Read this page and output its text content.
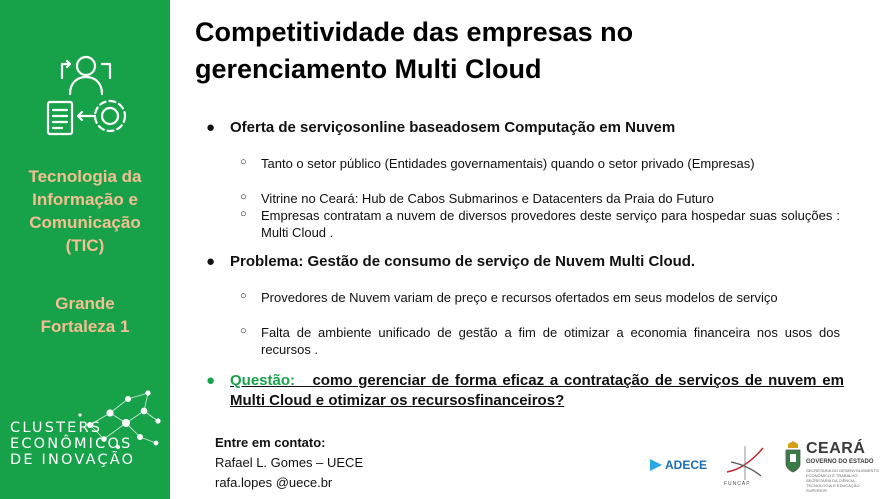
Tecnologia da
Informação e
Comunicação
(TIC)
Grande
Fortaleza 1
CLUSTERS
ECONÔMICOS
DE INOVAÇÃO
Competitividade das empresas no
gerenciamento Multi Cloud
● Oferta de serviçosonline baseadosem Computação em Nuvem
○ Tanto o setor público (Entidades governamentais) quando o setor privado (Empresas)
○ Vitrine no Ceará: Hub de Cabos Submarinos e Datacenters da Praia do Futuro
○ Empresas contratam a nuvem de diversos provedores deste serviço para hospedar suas soluções : Multi Cloud .
● Problema: Gestão de consumo de serviço de Nuvem Multi Cloud.
○ Provedores de Nuvem variam de preço e recursos ofertados em seus modelos de serviço
○ Falta de ambiente unificado de gestão a fim de otimizar a economia financeira nos usos dos recursos .
● Questão: como gerenciar de forma eficaz a contratação de serviços de nuvem em Multi Cloud e otimizar os recursosfinanceiros?
Entre em contato:
Rafael L. Gomes – UECE
rafa.lopes @uece.br
ADECE
FUNCAP
CEARÁ
GOVERNO DO ESTADO
SECRETARIA DO DESENVOLVIMENTO ECONÔMICO E TRABALHO
SECRETARIA DA CIÊNCIA, TECNOLOGIA E EDUCAÇÃO SUPERIOR
